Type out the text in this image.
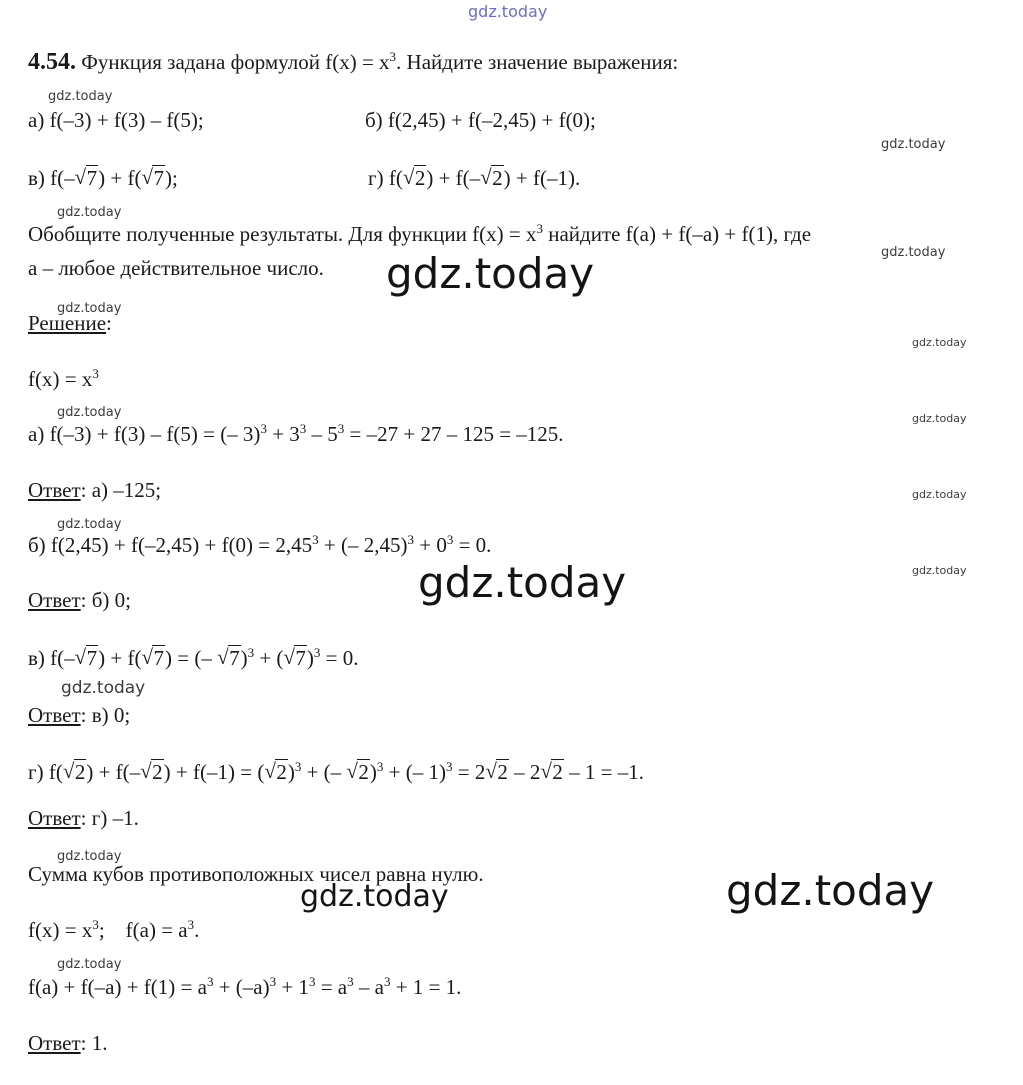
gdz.today
gdz.today
gdz.today
gdz.today
gdz.today
gdz.today
gdz.today
gdz.today
gdz.today	gdz.today
gdz.today
gdz.today
gdz.today	gdz.today
gdz.today
gdz.today
gdz.today
gdz.today
gdz.today
4.54. Функция задана формулой $f(x) = x^3$. Найдите значение выражения:
а) f(–3) + f(3) – f(5);	б) f(2,45) + f(–2,45) + f(0);
в) f(– √ 7) + f( √ 7);	г) f( √ 2) + f(– √ 2) + f(–1).
Обобщите полученные результаты. Для функции $f(x) = x^3$ найдите f(a) + f(–a) + f(1), где
a – любое действительное число.
Решение:
$f(x) = x^3$
а) f(–3) + f(3) – f(5) = (– $3)^3 + 3^3 - 5^3 = -27 + 27 - 125 = -125$.
Ответ: а) –125;
б) $f(2,45) + f(-2,45) + f(0) = 2,45^3$ + (– $2,45)^3 + 0^3 = 0$.
Ответ: б) 0;
в) f(– √ 7) + f( √ 7) = (– √ 7)$^3$ + ( √ 7)$^3$ = 0.
Ответ: в) 0;
г) f( √ 2) + f(– √ 2) + f(–1) = ( √ 2)$^3$ + (– √ 2)$^3$ + (– 1)$^3$ = 2 √ 2 – 2 √ 2 – 1 = –1.
Ответ: г) –1.
Сумма кубов противоположных чисел равна нулю.
$f(x) = x^3$;    $f(a) = a^3$.
$f(a) + f(-a) + f(1) = a^3 + (-a)^3 + 1^3 = a^3 - a^3 + 1 = 1$.
Ответ: 1.
